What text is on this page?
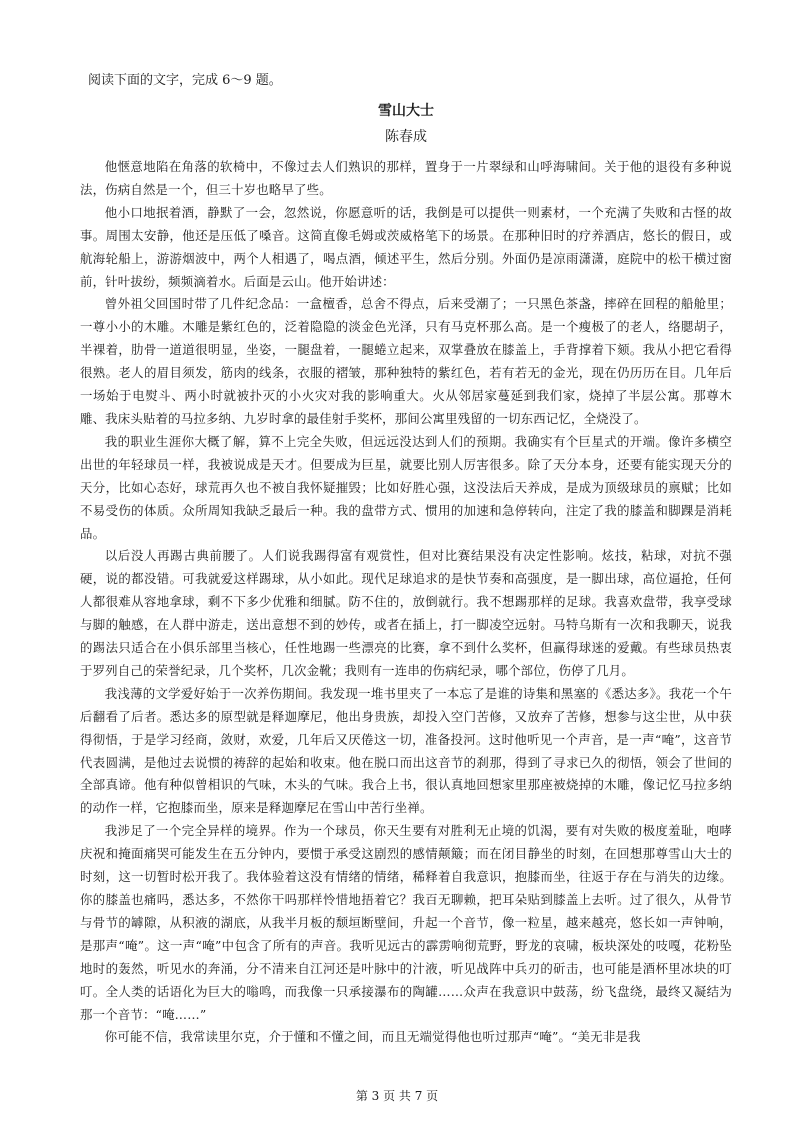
阅读下面的文字，完成 6～9 题。
雪山大士
陈春成

他惬意地陷在角落的软椅中，不像过去人们熟识的那样，置身于一片翠绿和山呼海啸间。关于他的退役有多种说法，伤病自然是一个，但三十岁也略早了些。

他小口地抿着酒，静默了一会，忽然说，你愿意听的话，我倒是可以提供一则素材，一个充满了失败和古怪的故事。周围太安静，他还是压低了嗓音。这简直像毛姆或茨威格笔下的场景。在那种旧时的疗养酒店，悠长的假日，或航海轮船上，游游烟波中，两个人相遇了，喝点酒，倾述平生，然后分别。外面仍是凉雨潇潇，庭院中的松干横过窗前，针叶拔纷，频频滴着水。后面是云山。他开始讲述：

曾外祖父回国时带了几件纪念品：一盒檀香，总舍不得点，后来受潮了；一只黑色茶盏，摔碎在回程的船舱里；一尊小小的木雕。木雕是紫红色的，泛着隐隐的淡金色光泽，只有马克杯那么高。是一个瘦极了的老人，络腮胡子，半裸着，肋骨一道道很明显，坐姿，一腿盘着，一腿蜷立起来，双掌叠放在膝盖上，手背撑着下颏。我从小把它看得很熟。老人的眉目须发，筋肉的线条，衣服的褶皱，那种独特的紫红色，若有若无的金光，现在仍历历在目。几年后一场始于电熨斗、两小时就被扑灭的小火灾对我的影响重大。火从邻居家蔓延到我们家，烧掉了半层公寓。那尊木雕、我床头贴着的马拉多纳、九岁时拿的最佳射手奖杯，那间公寓里残留的一切东西记忆，全烧没了。

我的职业生涯你大概了解，算不上完全失败，但远远没达到人们的预期。我确实有个巨星式的开端。像许多横空出世的年轻球员一样，我被说成是天才。但要成为巨星，就要比别人厉害很多。除了天分本身，还要有能实现天分的天分，比如心态好，球荒再久也不被自我怀疑摧毁；比如好胜心强，这没法后天养成，是成为顶级球员的禀赋；比如不易受伤的体质。众所周知我缺乏最后一种。我的盘带方式、惯用的加速和急停转向，注定了我的膝盖和脚踝是消耗品。

以后没人再踢古典前腰了。人们说我踢得富有观赏性，但对比赛结果没有决定性影响。炫技，粘球，对抗不强硬，说的都没错。可我就爱这样踢球，从小如此。现代足球追求的是快节奏和高强度，是一脚出球，高位逼抢，任何人都很难从容地拿球，剩不下多少优雅和细腻。防不住的，放倒就行。我不想踢那样的足球。我喜欢盘带，我享受球与脚的触感，在人群中游走，送出意想不到的妙传，或者在插上，打一脚凌空远射。马特乌斯有一次和我聊天，说我的踢法只适合在小俱乐部里当核心，任性地踢一些漂亮的比赛，拿不到什么奖杯，但赢得球迷的爱戴。有些球员热衷于罗列自己的荣誉纪录，几个奖杯，几次金靴；我则有一连串的伤病纪录，哪个部位，伤停了几月。

我浅薄的文学爱好始于一次养伤期间。我发现一堆书里夹了一本忘了是谁的诗集和黑塞的《悉达多》。我花一个午后翻看了后者。悉达多的原型就是释迦摩尼，他出身贵族，却投入空门苦修，又放弃了苦修，想参与这尘世，从中获得彻悟，于是学习经商，敛财，欢爱，几年后又厌倦这一切，准备投河。这时他听见一个声音，是一声“唵”，这音节代表圆满，是他过去说惯的祷辞的起始和收束。他在脱口而出这音节的刹那，得到了寻求已久的彻悟，领会了世间的全部真谛。他有种似曾相识的气味，木头的气味。我合上书，很认真地回想家里那座被烧掉的木雕，像记忆马拉多纳的动作一样，它抱膝而坐，原来是释迦摩尼在雪山中苦行坐禅。

我涉足了一个完全异样的境界。作为一个球员，你天生要有对胜利无止境的饥渴，要有对失败的极度羞耻，咆哮庆祝和掩面痛哭可能发生在五分钟内，要惯于承受这剧烈的感情颠簸；而在闭目静坐的时刻，在回想那尊雪山大士的时刻，这一切暂时松开我了。我体验着这没有情绪的情绪，稀释着自我意识，抱膝而坐，往返于存在与消失的边缘。你的膝盖也痛吗，悉达多，不然你干吗那样怜惜地捂着它？我百无聊赖，把耳朵贴到膝盖上去听。过了很久，从骨节与骨节的罅隙，从积液的湖底，从我半月板的颓垣断壁间，升起一个音节，像一粒星，越来越亮，悠长如一声钟响，是那声“唵”。这一声“唵”中包含了所有的声音。我听见远古的霹雳响彻荒野，野龙的哀啸，板块深处的吱嘎，花粉坠地时的轰然，听见水的奔涌，分不清来自江河还是叶脉中的汁液，听见战阵中兵刃的斫击，也可能是酒杯里冰块的叮叮。全人类的话语化为巨大的嗡鸣，而我像一只承接瀑布的陶罐……众声在我意识中鼓荡，纷飞盘绕，最终又凝结为那一个音节：“唵……”

你可能不信，我常读里尔克，介于懂和不懂之间，而且无端觉得他也听过那声“唵”。“美无非是我

第 3 页 共 7 页
